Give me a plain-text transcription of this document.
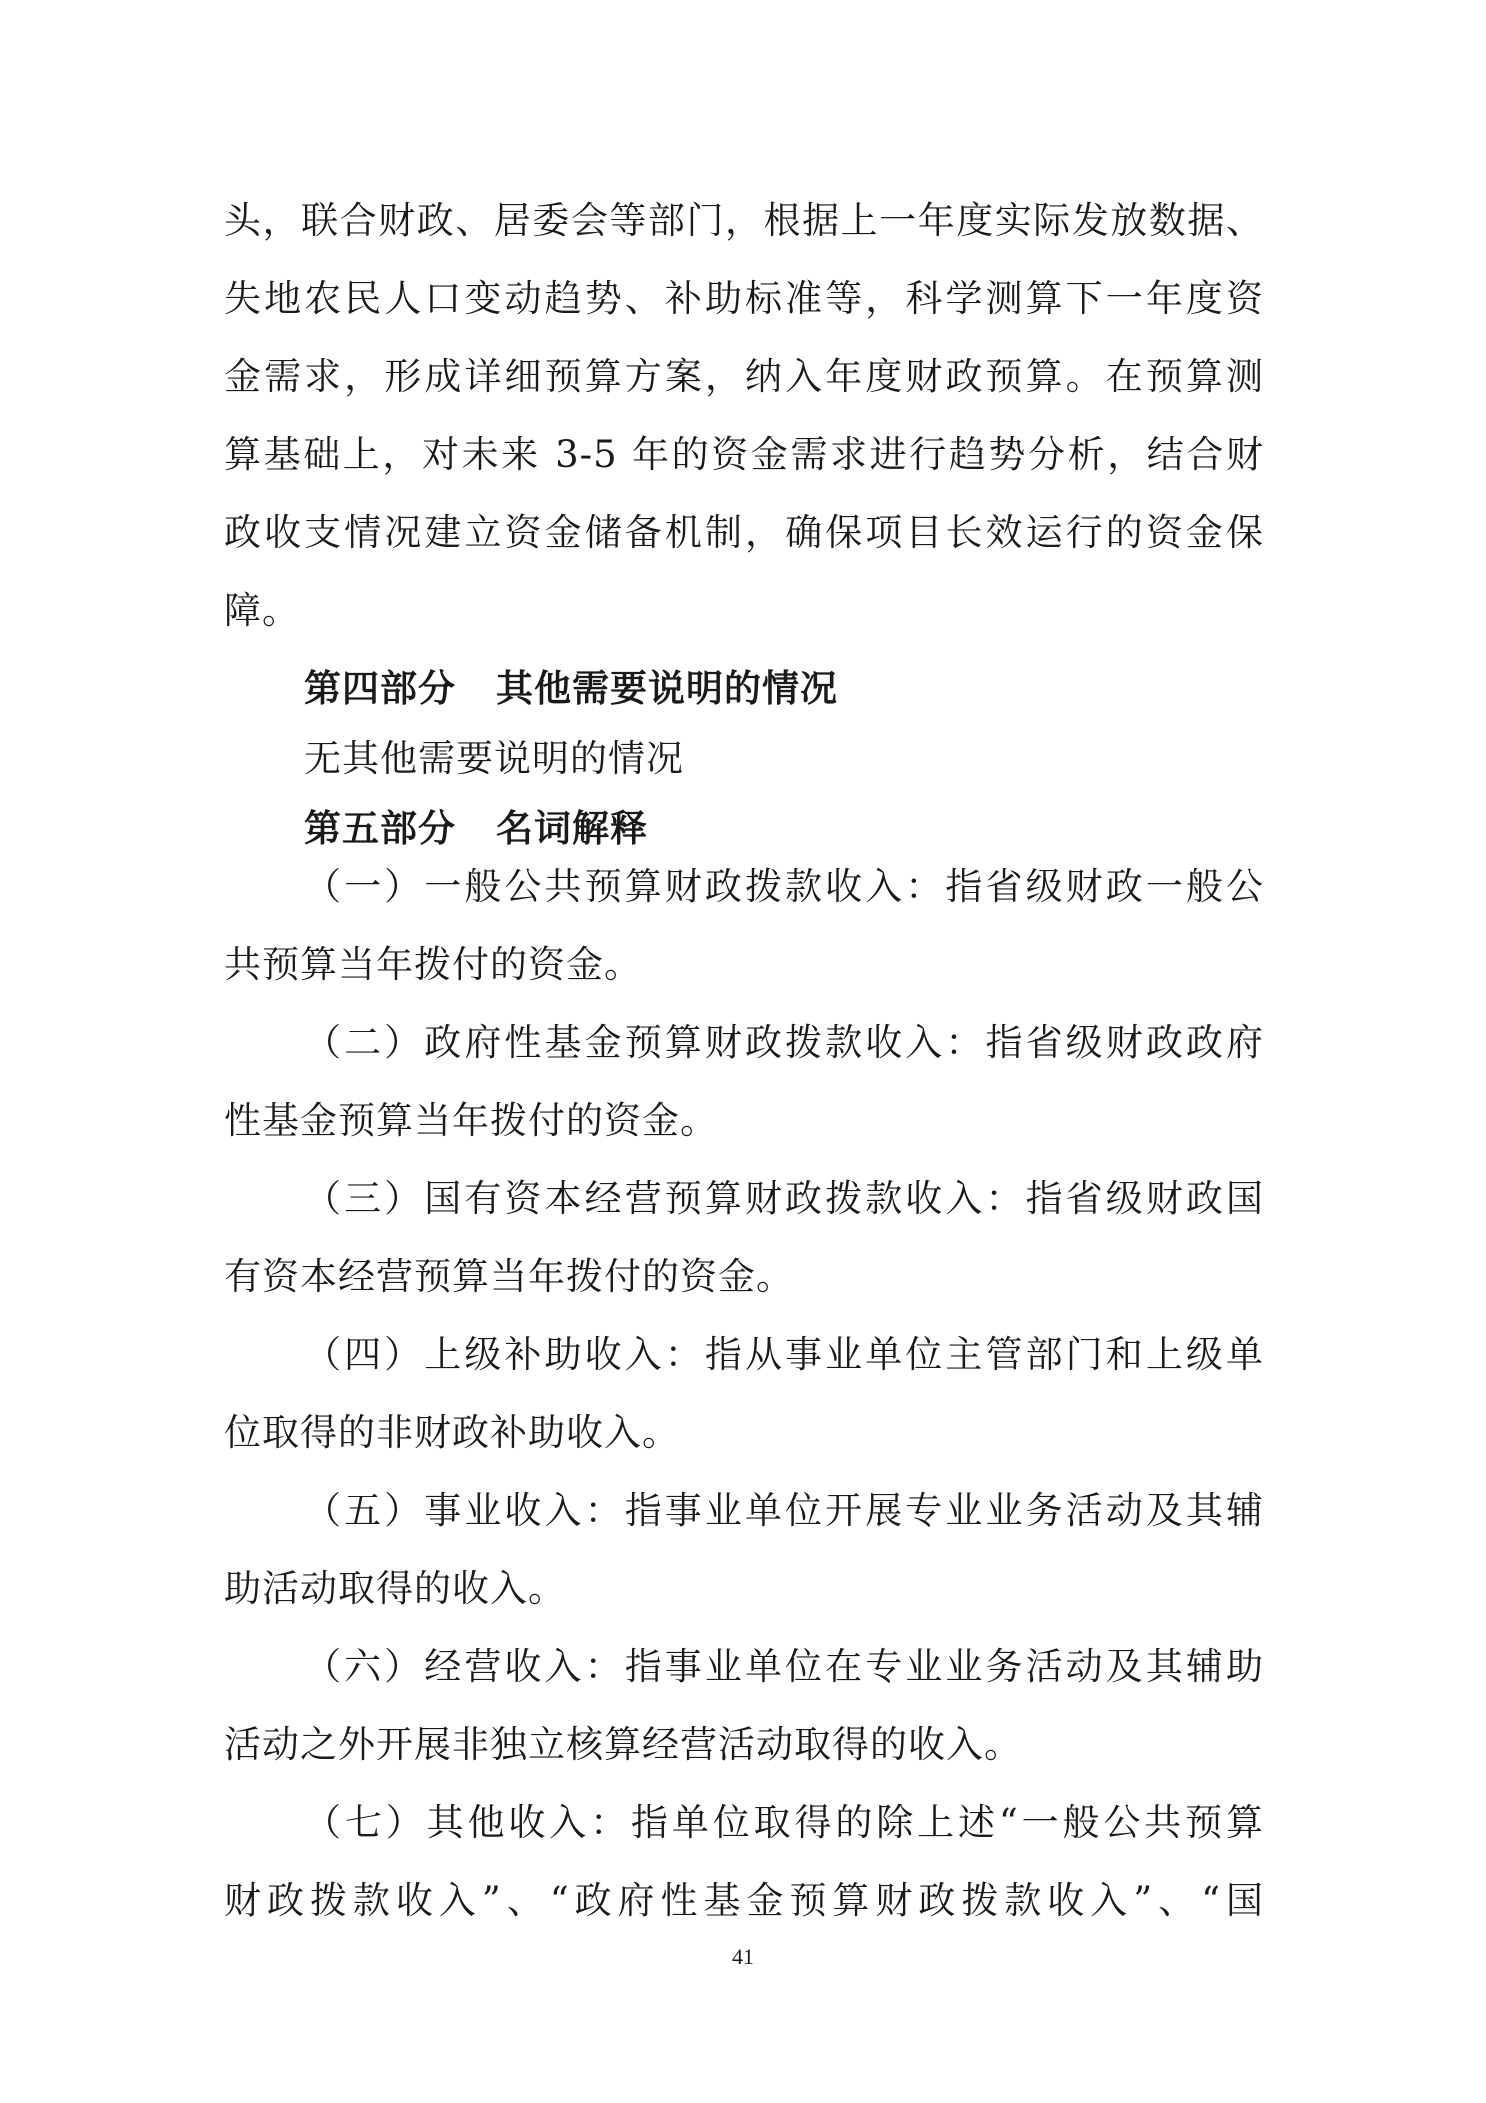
头，联合财政、居委会等部门，根据上一年度实际发放数据、
失地农民人口变动趋势、补助标准等，科学测算下一年度资
金需求，形成详细预算方案，纳入年度财政预算。在预算测
算基础上，对未来 3-5 年的资金需求进行趋势分析，结合财
政收支情况建立资金储备机制，确保项目长效运行的资金保
障。
第四部分 其他需要说明的情况
无其他需要说明的情况
第五部分 名词解释
（一）一般公共预算财政拨款收入：指省级财政一般公
共预算当年拨付的资金。
（二）政府性基金预算财政拨款收入：指省级财政政府
性基金预算当年拨付的资金。
（三）国有资本经营预算财政拨款收入：指省级财政国
有资本经营预算当年拨付的资金。
（四）上级补助收入：指从事业单位主管部门和上级单
位取得的非财政补助收入。
（五）事业收入：指事业单位开展专业业务活动及其辅
助活动取得的收入。
（六）经营收入：指事业单位在专业业务活动及其辅助
活动之外开展非独立核算经营活动取得的收入。
（七）其他收入：指单位取得的除上述“一般公共预算
财政拨款收入”、“政府性基金预算财政拨款收入”、“国
41
